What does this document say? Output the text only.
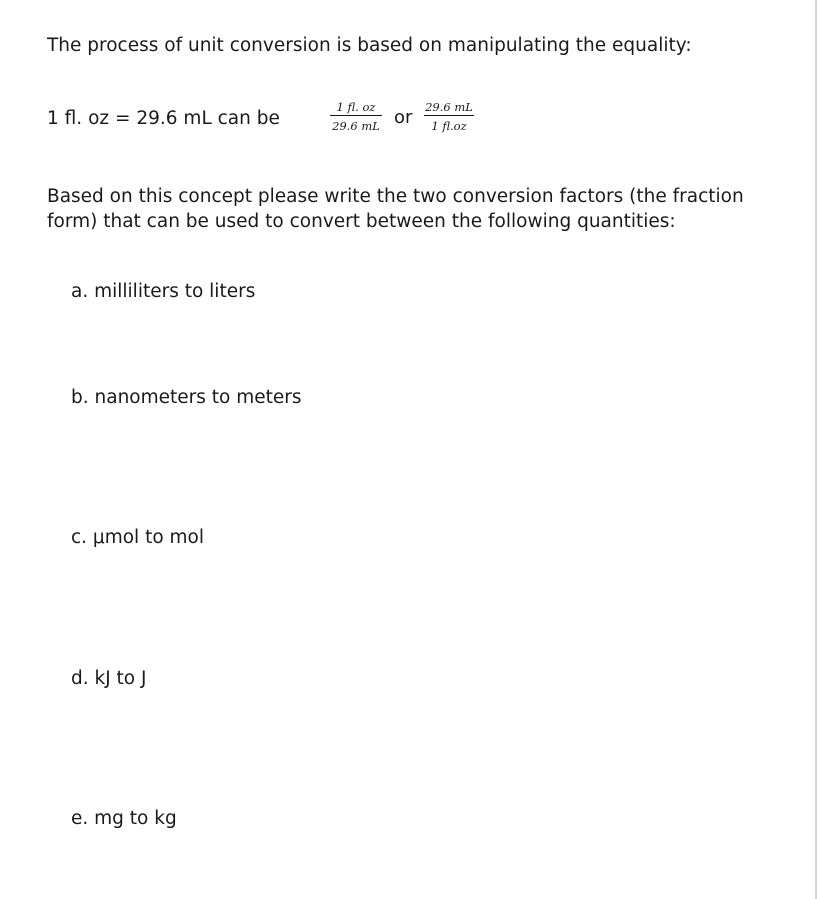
The process of unit conversion is based on manipulating the equality:
1 fl. oz = 29.6 mL can be
1 fl. oz
29.6 mL or 29.6 mL
1 fl.oz
Based on this concept please write the two conversion factors (the fraction form) that can be used to convert between the following quantities:
a. milliliters to liters
b. nanometers to meters
c. μmol to mol
d. kJ to J
e. mg to kg
